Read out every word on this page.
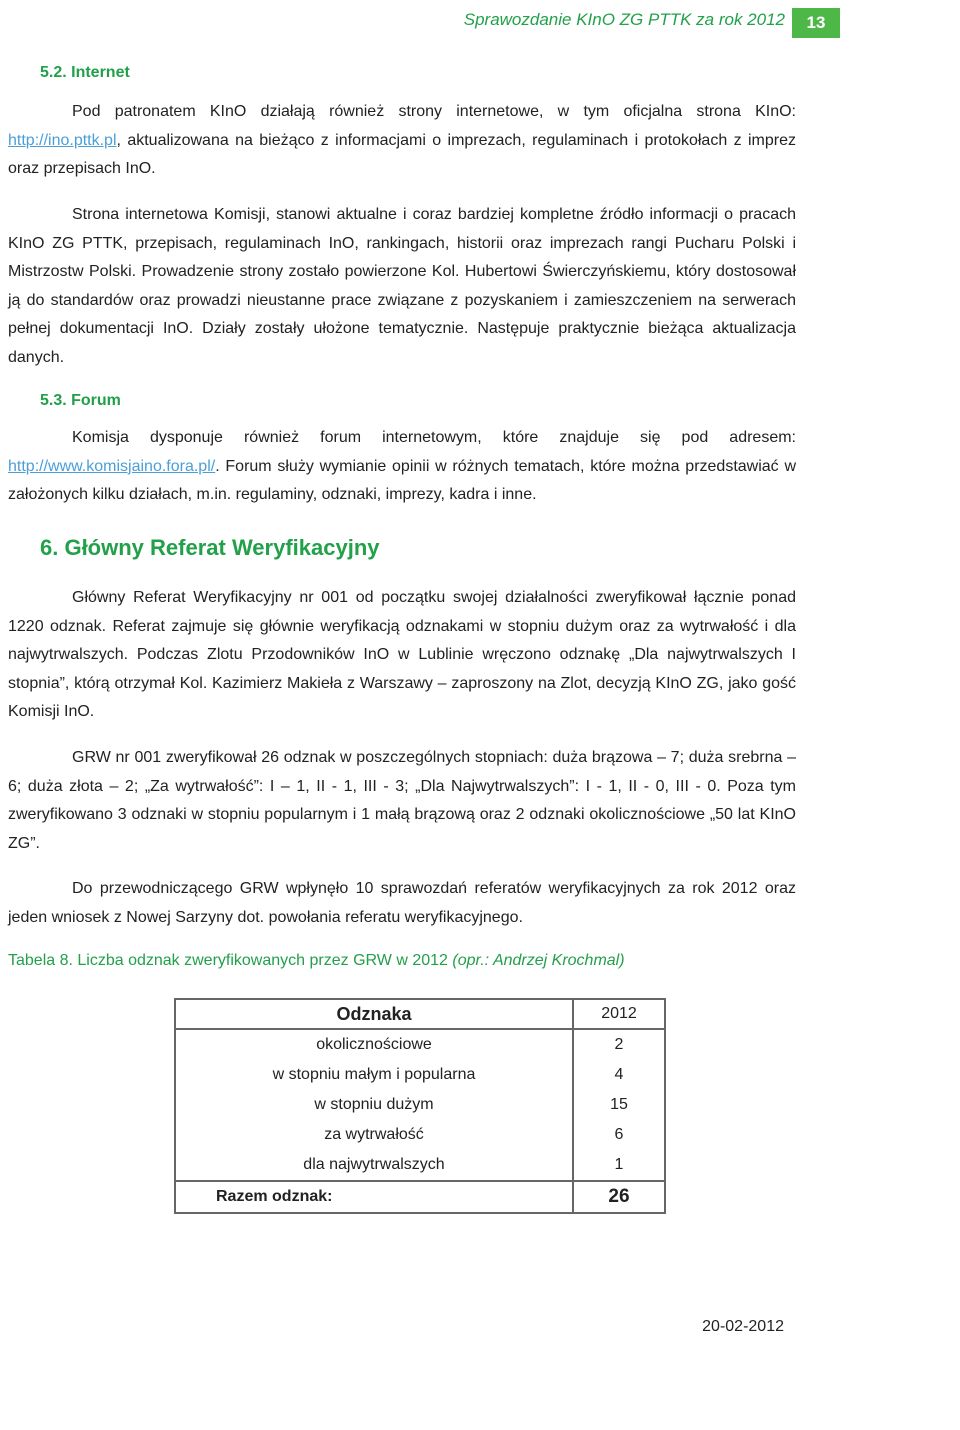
Sprawozdanie KInO ZG PTTK za rok 2012	13
5.2. Internet

Pod patronatem KInO działają również strony internetowe, w tym oficjalna strona KInO: http://ino.pttk.pl, aktualizowana na bieżąco z informacjami o imprezach, regulaminach i protokołach z imprez oraz przepisach InO.

Strona internetowa Komisji, stanowi aktualne i coraz bardziej kompletne źródło informacji o pracach KInO ZG PTTK, przepisach, regulaminach InO, rankingach, historii oraz imprezach rangi Pucharu Polski i Mistrzostw Polski. Prowadzenie strony zostało powierzone Kol. Hubertowi Świerczyńskiemu, który dostosował ją do standardów oraz prowadzi nieustanne prace związane z pozyskaniem i zamieszczeniem na serwerach pełnej dokumentacji InO. Działy zostały ułożone tematycznie. Następuje praktycznie bieżąca aktualizacja danych.

5.3. Forum

Komisja dysponuje również forum internetowym, które znajduje się pod adresem: http://www.komisjaino.fora.pl/. Forum służy wymianie opinii w różnych tematach, które można przedstawiać w założonych kilku działach, m.in. regulaminy, odznaki, imprezy, kadra i inne.

6. Główny Referat Weryfikacyjny

Główny Referat Weryfikacyjny nr 001 od początku swojej działalności zweryfikował łącznie ponad 1220 odznak. Referat zajmuje się głównie weryfikacją odznakami w stopniu dużym oraz za wytrwałość i dla najwytrwalszych. Podczas Zlotu Przodowników InO w Lublinie wręczono odznakę „Dla najwytrwalszych I stopnia”, którą otrzymał Kol. Kazimierz Makieła z Warszawy – zaproszony na Zlot, decyzją KInO ZG, jako gość Komisji InO.

GRW nr 001 zweryfikował 26 odznak w poszczególnych stopniach: duża brązowa – 7; duża srebrna – 6; duża złota – 2; „Za wytrwałość”: I – 1, II - 1, III - 3; „Dla Najwytrwalszych”: I - 1, II - 0, III - 0. Poza tym zweryfikowano 3 odznaki w stopniu popularnym i 1 małą brązową oraz 2 odznaki okolicznościowe „50 lat KInO ZG”.

Do przewodniczącego GRW wpłynęło 10 sprawozdań referatów weryfikacyjnych za rok 2012 oraz jeden wniosek z Nowej Sarzyny dot. powołania referatu weryfikacyjnego.

Tabela 8. Liczba odznak zweryfikowanych przez GRW w 2012 (opr.: Andrzej Krochmal)
Odznaka	2012
okolicznościowe	2
w stopniu małym i popularna	4
w stopniu dużym	15
za wytrwałość	6
dla najwytrwalszych	1
Razem odznak:	26
20-02-2012
